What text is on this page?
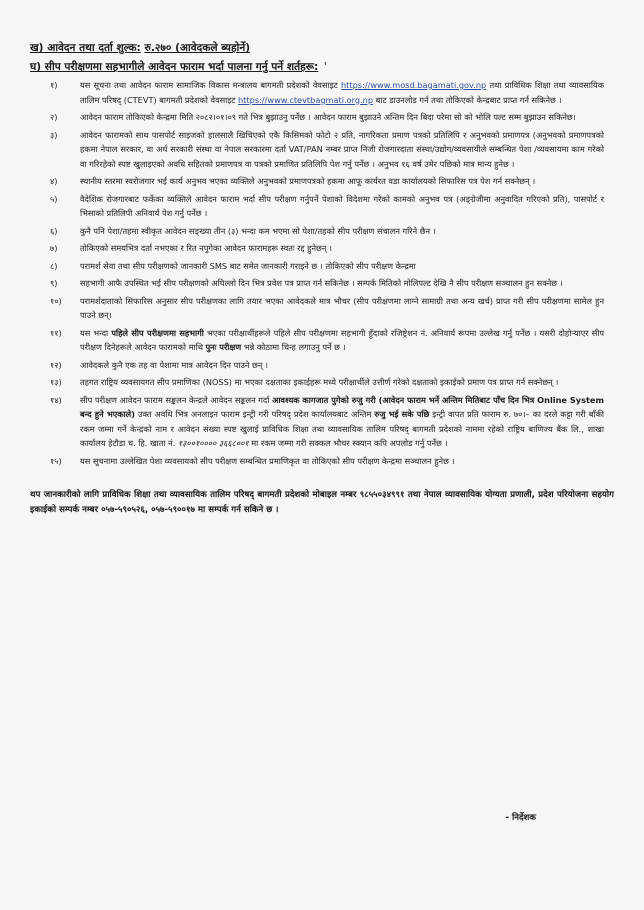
ख) आवेदन तथा दर्ता शुल्क: रु.२७० (आवेदकले ब्यहोर्ने)
घ) सीप परीक्षणमा सहभागीले आवेदन फाराम भर्दा पालना गर्नु पर्ने शर्तहरू: '
१)	यस सूचना तथा आवेदन फाराम सामाजिक विकास मन्त्रालय बागमती प्रदेशको वेवसाइट https://www.mosd.bagamati.gov.np तथा प्राविधिक शिक्षा तथा व्यावसायिक तालिम परिषद् (CTEVT) बागमती प्रदेशको वेवसाइट https://www.ctevtbagmati.org.np बाट डाउनलोड गर्न तथा तोकिएको केन्द्रबाट प्राप्त गर्न सकिनेछ ।
२)	आवेदन फाराम तोकिएको केन्द्रमा मिति २०८२।०१।०९ गते भित्र बुझाउनु पर्नेछ । आवेदन फाराम बुझाउने अन्तिम दिन बिदा परेमा सो को भोलि पल्ट सम्म बुझाउन सकिनेछ।
३)	आवेदन फारामको साथ पासपोर्ट साइजको हालसालै खिचिएको एकै किसिमको फोटो २ प्रति, नागरिकता प्रमाण पत्रको प्रतिलिपि र अनुभवको प्रमाणपत्र (अनुभवको प्रमाणपत्रको हकमा नेपाल सरकार, वा अर्ध सरकारी संस्था वा नेपाल सरकारमा दर्ता VAT/PAN नम्बर प्राप्त निजी रोजगारदाता संस्था/उद्योग/व्यवसायीले सम्बन्धित पेशा /व्यवसायमा काम गरेको वा गरिरहेको स्पष्ट खुलाइएको अवधि सहितको प्रमाणपत्र वा पत्रको प्रमाणित प्रतिलिपि पेश गर्नु पर्नेछ । अनुभव १६ वर्ष उमेर पछिको मात्र मान्य हुनेछ ।
४)	स्थानीय स्तरमा स्वरोजगार भई कार्य अनुभव भएका व्यक्तिले अनुभवको प्रमाणपत्रको हकमा आफू कार्यरत वडा कार्यालयको सिफारिस पत्र पेश गर्न सक्नेछन् ।
५)	वैदेशिक रोजगारबाट फर्केका व्यक्तिले आवेदन फाराम भर्दा सीप परीक्षण गर्नुपर्ने पेशाको विदेशमा गरेको कामको अनुभव पत्र (अङ्ग्रेजीमा अनुवादित गरिएको प्रति), पासपोर्ट र भिसाको प्रतिलिपी अनिवार्य पेश गर्नु पर्नेछ ।
६)	कुनै पनि पेशा/तहमा स्वीकृत आवेदन सङ्ख्या तीन (३) भन्दा कम भएमा सो पेशा/तहको सीप परीक्षण संचालन गरिने छैन ।
७)	तोकिएको समयभित्र दर्ता नभएका र रित नपुगेका आवेदन फारामहरू स्वतः रद्द हुनेछन् ।
८)	परामर्श सेवा तथा सीप परीक्षणको जानकारी SMS बाट समेत जानकारी गराइने छ । तोकिएको सीप परीक्षण केन्द्रमा
९)	सहभागी आफै उपस्थित भई सीप परीक्षणको अघिल्लो दिन भित्र प्रवेश पत्र प्राप्त गर्न सकिनेछ । सम्पर्क मितिको मोलिपल्ट देखि नै सीप परीक्षण सञ्चालन हुन सक्नेछ ।
१०)	परामर्शदाताको सिफारिस अनुसार सीप परीक्षणका लागि तयार भएका आवेदकले मात्र भौचर (सीप परीक्षणमा लाग्ने सामाग्री तथा अन्य खर्च) प्राप्त गरी सीप परीक्षणमा सामेल हुन पाउने छन्।
११)	यस भन्दा पहिले सीप परीक्षणमा सहभागी भएका परीक्षार्थीहरूले पहिले सीप परीक्षणमा सहभागी हुँदाको रजिष्ट्रेशन नं. अनिवार्य रूपमा उल्लेख गर्नु पर्नेछ । यसरी दोहोऱ्याएर सीप परीक्षण दिनेहरूले आवेदन फारामको माथि पुनः परीक्षण भन्ने कोठामा चिन्ह लगाउनु पर्ने छ ।
१२)	आवेदकले कुनै एक तह वा पेशामा मात्र आवेदन दिन पाउने छन् ।
१३)	तहगत राष्ट्रिय व्यवसायगत सीप प्रमाणिका (NOSS) मा भएका दक्षताका इकाईहरू मध्ये परीक्षार्थीले उत्तीर्ण गरेको दक्षताको इकाईको प्रमाण पत्र प्राप्त गर्न सक्नेछन् ।
१४)	सीप परीक्षण आवेदन फाराम सङ्कलन केन्द्रले आवेदन सङ्कलन गर्दा आवश्यक कागजात पुगेको रुजु गरी (आवेदन फाराम भर्ने अन्तिम मितिबाट पाँच दिन भित्र Online System बन्द हुने भएकाले) उक्त अवधि भित्र अनलाइन फाराम इन्ट्री गरी परिषद् प्रदेश कार्यालयबाट अन्तिम रुजु भई सके पछि इन्ट्री वापत प्रति फाराम रु. ७०।– का दरले कट्टा गरी बाँकी रकम जम्मा गर्ने केन्द्रको नाम र आवेदन संख्या स्पष्ट खुलाई प्राविधिक शिक्षा तथा व्यावसायिक तालिम परिषद् बागमती प्रदेशको नाममा रहेको राष्ट्रिय बाणिज्य बैंक लि., शाखा कार्यालय हेटौडा च. हि. खाता नं. १३००१०००० ३६६८००१ मा रकम जम्मा गरी सक्कल भौचर स्क्यान कपि अपलोड गर्नु पर्नेछ ।
१५)	यस सूचनामा उल्लेखित पेशा व्यवसायको सीप परीक्षण सम्बन्धित प्रमाणिकृत वा तोकिएको सीप परीक्षण केन्द्रमा सञ्चालन हुनेछ ।
थप जानकारीको लागि प्राविधिक शिक्षा तथा व्यावसायिक तालिम परिषद् बागमती प्रदेशको मोबाइल नम्बर ९८५५०३४९९१ तथा नेपाल व्यावसायिक योग्यता प्रणाली, प्रदेश परियोजना सहयोग इकाईको सम्पर्क नम्बर ०५७-५९०५२६, ०५७-५९००१७ मा सम्पर्क गर्न सकिने छ ।
- निर्देशक
